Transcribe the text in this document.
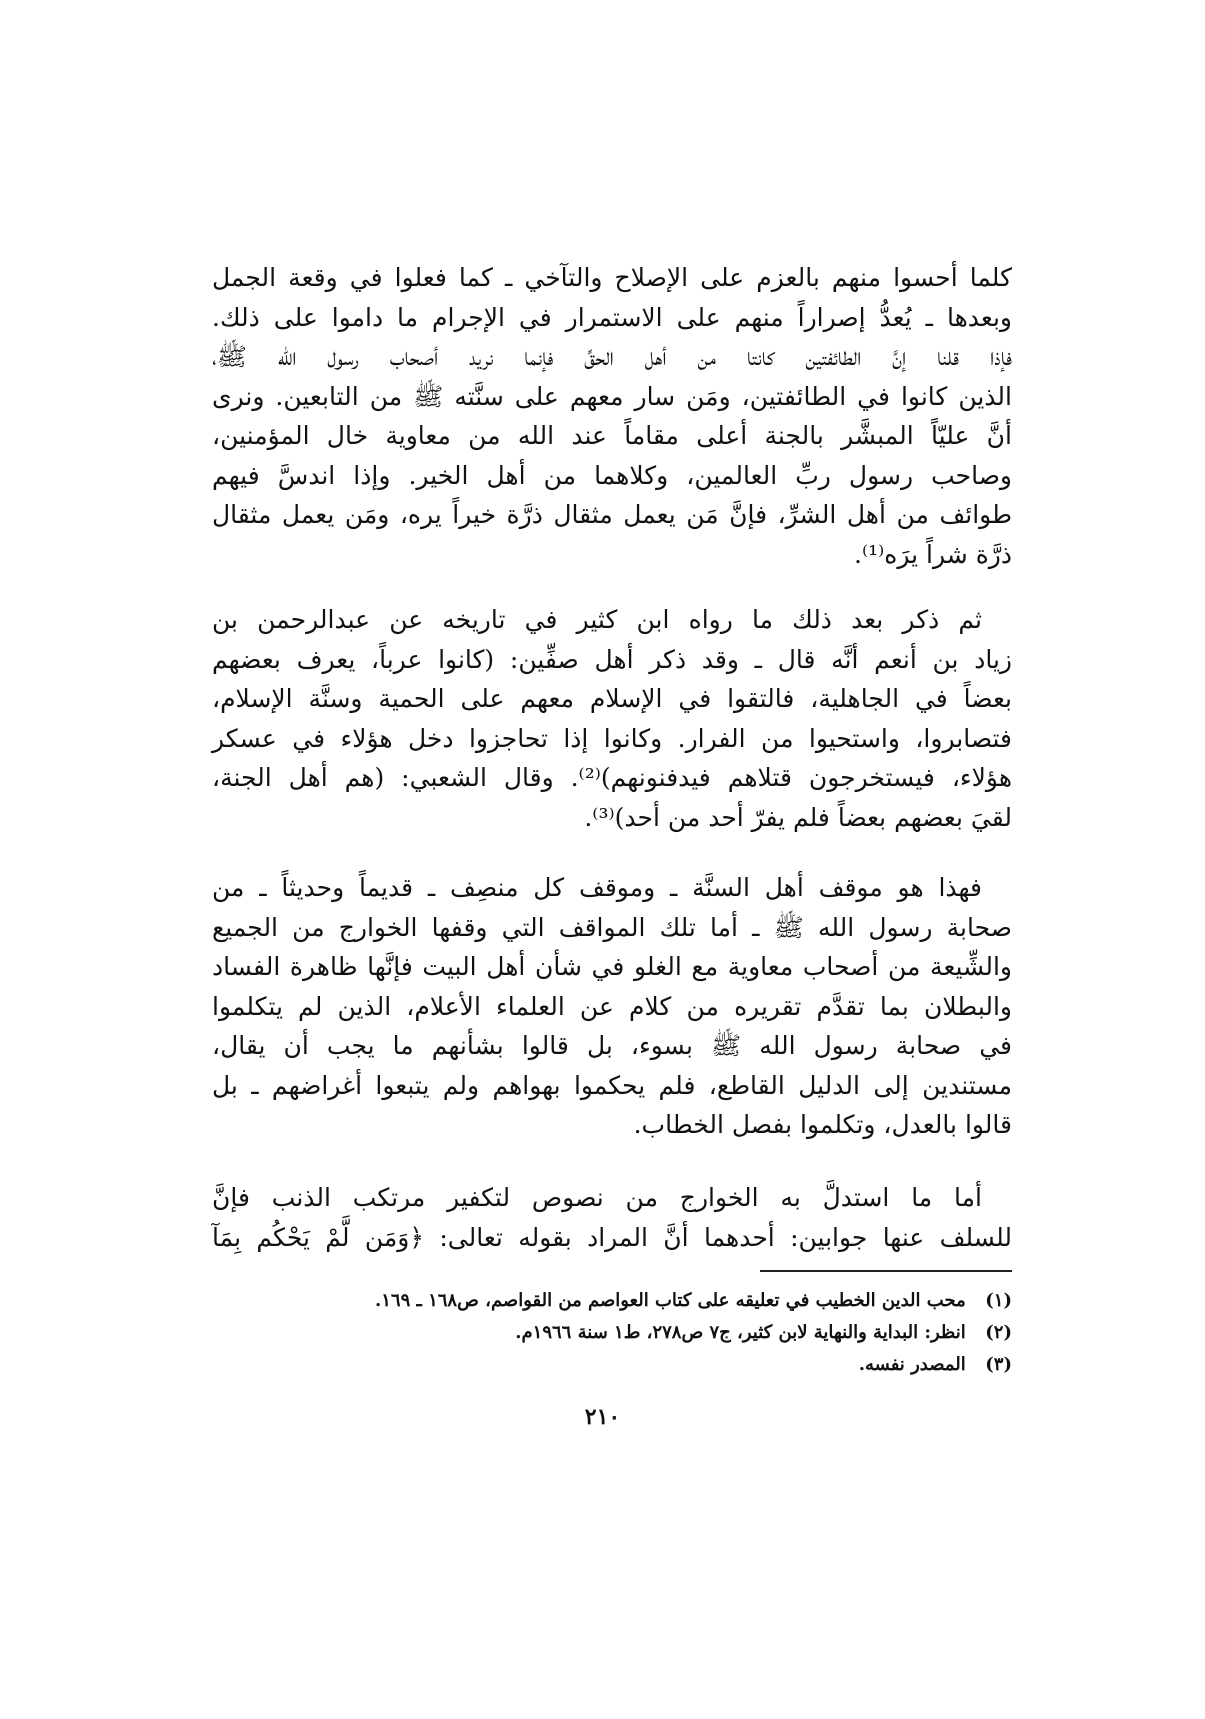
كلما أحسوا منهم بالعزم على الإصلاح والتآخي ـ كما فعلوا في وقعة الجمل
وبعدها ـ يُعدُّ إصراراً منهم على الاستمرار في الإجرام ما داموا على ذلك.
فإذا قلنا إنَّ الطائفتين كانتا من أهل الحقِّ فإنما نريد أصحاب رسول الله ﷺ،
الذين كانوا في الطائفتين، ومَن سار معهم على سنَّته ﷺ من التابعين. ونرى
أنَّ عليّاً المبشَّر بالجنة أعلى مقاماً عند الله من معاوية خال المؤمنين،
وصاحب رسول ربِّ العالمين، وكلاهما من أهل الخير. وإذا اندسَّ فيهم
طوائف من أهل الشرِّ، فإنَّ مَن يعمل مثقال ذرَّة خيراً يره، ومَن يعمل مثقال
ذرَّة شراً يرَه⁽¹⁾.
ثم ذكر بعد ذلك ما رواه ابن كثير في تاريخه عن عبدالرحمن بن
زياد بن أنعم أنَّه قال ـ وقد ذكر أهل صفِّين: (كانوا عرباً، يعرف بعضهم
بعضاً في الجاهلية، فالتقوا في الإسلام معهم على الحمية وسنَّة الإسلام،
فتصابروا، واستحيوا من الفرار. وكانوا إذا تحاجزوا دخل هؤلاء في عسكر
هؤلاء، فيستخرجون قتلاهم فيدفنونهم)⁽²⁾. وقال الشعبي: (هم أهل الجنة،
لقيَ بعضهم بعضاً فلم يفرّ أحد من أحد)⁽³⁾.
فهذا هو موقف أهل السنَّة ـ وموقف كل منصِف ـ قديماً وحديثاً ـ من
صحابة رسول الله ﷺ ـ أما تلك المواقف التي وقفها الخوارج من الجميع
والشِّيعة من أصحاب معاوية مع الغلو في شأن أهل البيت فإنَّها ظاهرة الفساد
والبطلان بما تقدَّم تقريره من كلام عن العلماء الأعلام، الذين لم يتكلموا
في صحابة رسول الله ﷺ بسوء، بل قالوا بشأنهم ما يجب أن يقال،
مستندين إلى الدليل القاطع، فلم يحكموا بهواهم ولم يتبعوا أغراضهم ـ بل
قالوا بالعدل، وتكلموا بفصل الخطاب.
أما ما استدلَّ به الخوارج من نصوص لتكفير مرتكب الذنب فإنَّ
للسلف عنها جوابين: أحدهما أنَّ المراد بقوله تعالى: ﴿وَمَن لَّمْ يَحْكُم بِمَآ
(١) محب الدين الخطيب في تعليقه على كتاب العواصم من القواصم، ص١٦٨ ـ ١٦٩.
(٢) انظر: البداية والنهاية لابن كثير، ج٧ ص٢٧٨، ط١ سنة ١٩٦٦م.
(٣) المصدر نفسه.
٢١٠
